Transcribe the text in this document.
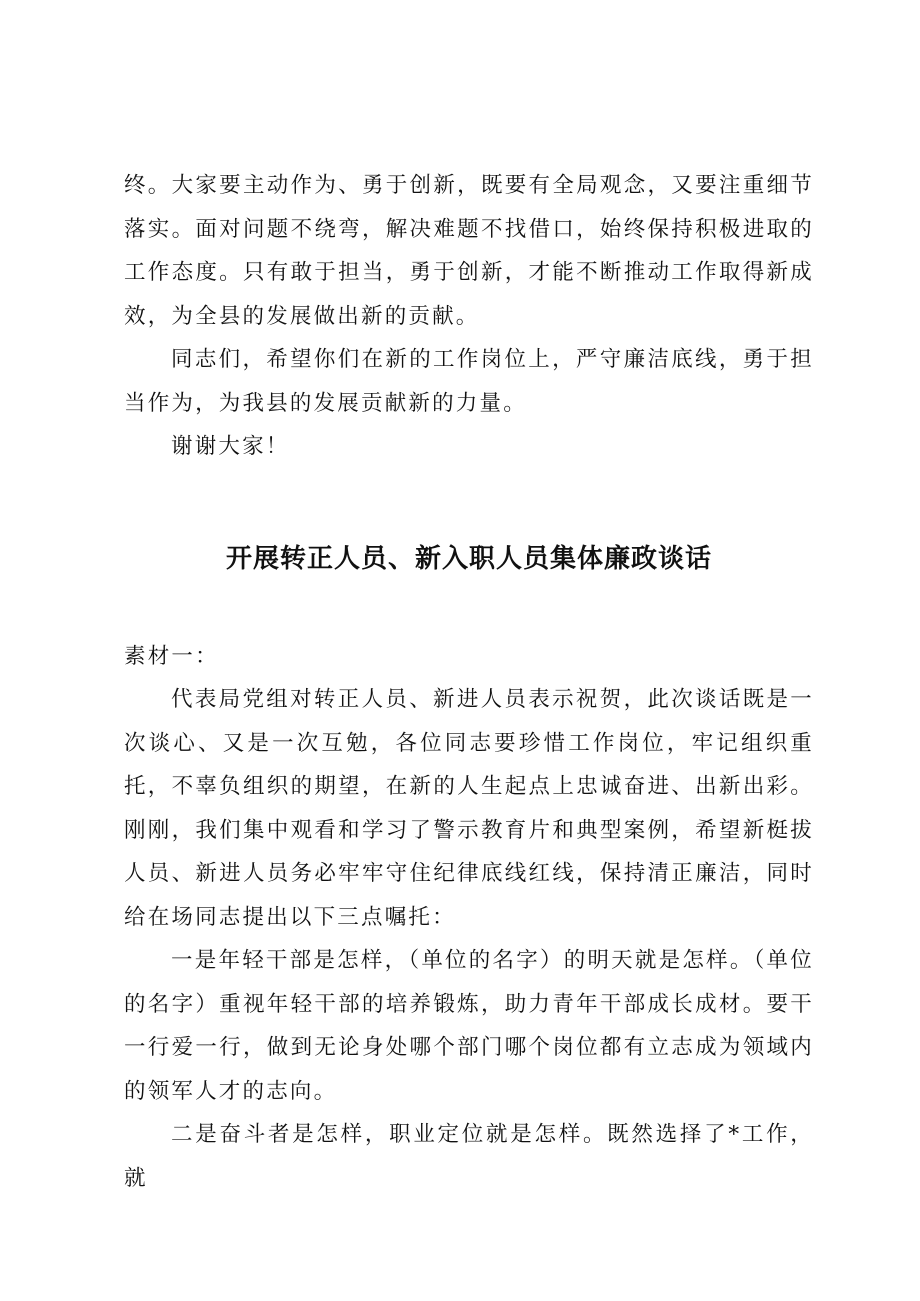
终。大家要主动作为、勇于创新，既要有全局观念，又要注重细节落实。面对问题不绕弯，解决难题不找借口，始终保持积极进取的工作态度。只有敢于担当，勇于创新，才能不断推动工作取得新成效，为全县的发展做出新的贡献。

同志们，希望你们在新的工作岗位上，严守廉洁底线，勇于担当作为，为我县的发展贡献新的力量。

谢谢大家！

开展转正人员、新入职人员集体廉政谈话

素材一：

代表局党组对转正人员、新进人员表示祝贺，此次谈话既是一次谈心、又是一次互勉，各位同志要珍惜工作岗位，牢记组织重托，不辜负组织的期望，在新的人生起点上忠诚奋进、出新出彩。刚刚，我们集中观看和学习了警示教育片和典型案例，希望新梃拔人员、新进人员务必牢牢守住纪律底线红线，保持清正廉洁，同时给在场同志提出以下三点嘱托：

一是年轻干部是怎样，（单位的名字）的明天就是怎样。（单位的名字）重视年轻干部的培养锻炼，助力青年干部成长成材。要干一行爱一行，做到无论身处哪个部门哪个岗位都有立志成为领域内的领军人才的志向。

二是奋斗者是怎样，职业定位就是怎样。既然选择了*工作，就
